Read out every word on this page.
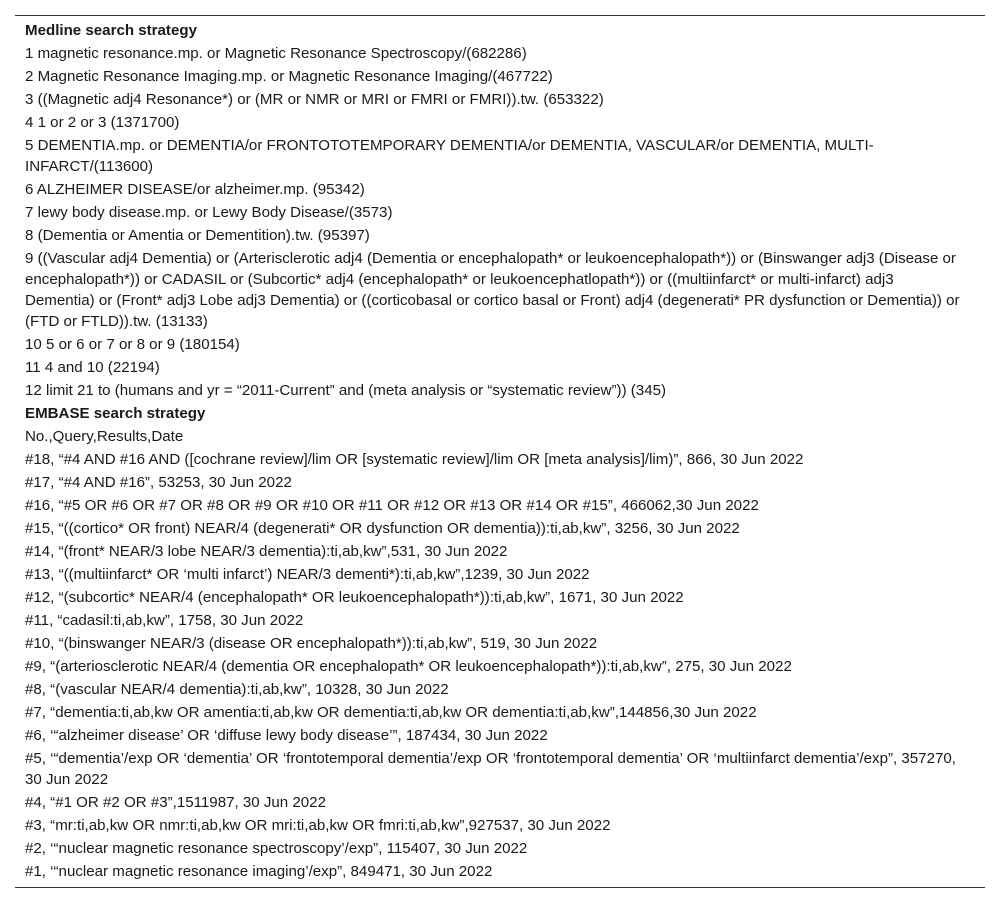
Medline search strategy
1 magnetic resonance.mp. or Magnetic Resonance Spectroscopy/(682286)
2 Magnetic Resonance Imaging.mp. or Magnetic Resonance Imaging/(467722)
3 ((Magnetic adj4 Resonance*) or (MR or NMR or MRI or FMRI or FMRI)).tw. (653322)
4 1 or 2 or 3 (1371700)
5 DEMENTIA.mp. or DEMENTIA/or FRONTOTOTEMPORARY DEMENTIA/or DEMENTIA, VASCULAR/or DEMENTIA, MULTI-INFARCT/(113600)
6 ALZHEIMER DISEASE/or alzheimer.mp. (95342)
7 lewy body disease.mp. or Lewy Body Disease/(3573)
8 (Dementia or Amentia or Dementition).tw. (95397)
9 ((Vascular adj4 Dementia) or (Arterisclerotic adj4 (Dementia or encephalopath* or leukoencephalopath*)) or (Binswanger adj3 (Disease or encephalopath*)) or CADASIL or (Subcortic* adj4 (encephalopath* or leukoencephatlopath*)) or ((multiinfarct* or multi-infarct) adj3 Dementia) or (Front* adj3 Lobe adj3 Dementia) or ((corticobasal or cortico basal or Front) adj4 (degenerati* PR dysfunction or Dementia)) or (FTD or FTLD)).tw. (13133)
10 5 or 6 or 7 or 8 or 9 (180154)
11 4 and 10 (22194)
12 limit 21 to (humans and yr = “2011-Current” and (meta analysis or “systematic review”)) (345)
EMBASE search strategy
No.,Query,Results,Date
#18, “#4 AND #16 AND ([cochrane review]/lim OR [systematic review]/lim OR [meta analysis]/lim)”, 866, 30 Jun 2022
#17, “#4 AND #16”, 53253, 30 Jun 2022
#16, “#5 OR #6 OR #7 OR #8 OR #9 OR #10 OR #11 OR #12 OR #13 OR #14 OR #15”, 466062,30 Jun 2022
#15, “((cortico* OR front) NEAR/4 (degenerati* OR dysfunction OR dementia)):ti,ab,kw”, 3256, 30 Jun 2022
#14, “(front* NEAR/3 lobe NEAR/3 dementia):ti,ab,kw”,531, 30 Jun 2022
#13, “((multiinfarct* OR ‘multi infarct’) NEAR/3 dementi*):ti,ab,kw”,1239, 30 Jun 2022
#12, “(subcortic* NEAR/4 (encephalopath* OR leukoencephalopath*)):ti,ab,kw”, 1671, 30 Jun 2022
#11, “cadasil:ti,ab,kw”, 1758, 30 Jun 2022
#10, “(binswanger NEAR/3 (disease OR encephalopath*)):ti,ab,kw”, 519, 30 Jun 2022
#9, “(arteriosclerotic NEAR/4 (dementia OR encephalopath* OR leukoencephalopath*)):ti,ab,kw”, 275, 30 Jun 2022
#8, “(vascular NEAR/4 dementia):ti,ab,kw”, 10328, 30 Jun 2022
#7, “dementia:ti,ab,kw OR amentia:ti,ab,kw OR dementia:ti,ab,kw OR dementia:ti,ab,kw”,144856,30 Jun 2022
#6, ‘“alzheimer disease’ OR ‘diffuse lewy body disease’”, 187434, 30 Jun 2022
#5, ‘“dementia’/exp OR ‘dementia’ OR ‘frontotemporal dementia’/exp OR ‘frontotemporal dementia’ OR ‘multiinfarct dementia’/exp”, 357270, 30 Jun 2022
#4, “#1 OR #2 OR #3”,1511987, 30 Jun 2022
#3, “mr:ti,ab,kw OR nmr:ti,ab,kw OR mri:ti,ab,kw OR fmri:ti,ab,kw”,927537, 30 Jun 2022
#2, ‘“nuclear magnetic resonance spectroscopy’/exp”, 115407, 30 Jun 2022
#1, ‘“nuclear magnetic resonance imaging’/exp”, 849471, 30 Jun 2022
